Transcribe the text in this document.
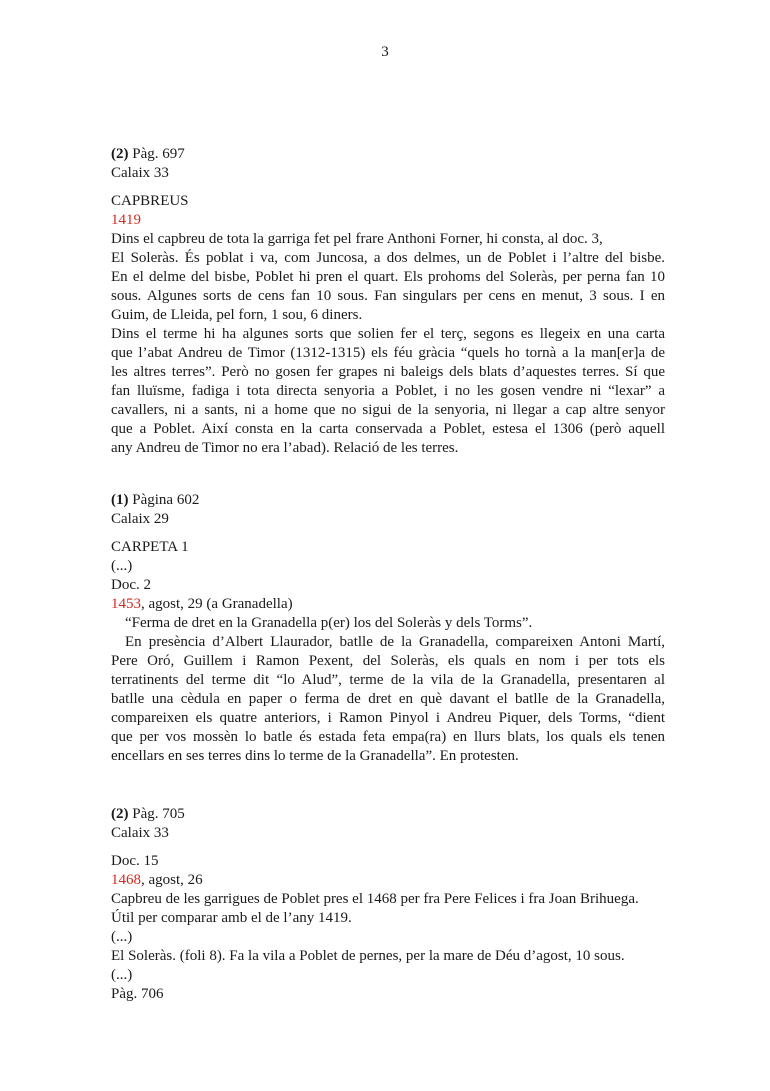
3
(2) Pàg. 697
Calaix 33
CAPBREUS
1419
Dins el capbreu de tota la garriga fet pel frare Anthoni Forner, hi consta, al doc. 3,
El Soleràs. És poblat i va, com Juncosa, a dos delmes, un de Poblet i l’altre del bisbe.
En el delme del bisbe, Poblet hi pren el quart. Els prohoms del Soleràs, per perna fan 10
sous. Algunes sorts de cens fan 10 sous. Fan singulars per cens en menut, 3 sous. I en
Guim, de Lleida, pel forn, 1 sou, 6 diners.
Dins el terme hi ha algunes sorts que solien fer el terç, segons es llegeix en una carta
que l’abat Andreu de Timor (1312-1315) els féu gràcia “quels ho tornà a la man[er]a de
les altres terres”. Però no gosen fer grapes ni baleigs dels blats d’aquestes terres. Sí que
fan lluïsme, fadiga i tota directa senyoria a Poblet, i no les gosen vendre ni “lexar” a
cavallers, ni a sants, ni a home que no sigui de la senyoria, ni llegar a cap altre senyor
que a Poblet. Així consta en la carta conservada a Poblet, estesa el 1306 (però aquell
any Andreu de Timor no era l’abad). Relació de les terres.
(1) Pàgina 602
Calaix 29
CARPETA 1
(...)
Doc. 2
1453, agost, 29 (a Granadella)
“Ferma de dret en la Granadella p(er) los del Soleràs y dels Torms”.
En presència d’Albert Llaurador, batlle de la Granadella, compareixen Antoni Martí,
Pere Oró, Guillem i Ramon Pexent, del Soleràs, els quals en nom i per tots els
terratinents del terme dit “lo Alud”, terme de la vila de la Granadella, presentaren al
batlle una cèdula en paper o ferma de dret en què davant el batlle de la Granadella,
compareixen els quatre anteriors, i Ramon Pinyol i Andreu Piquer, dels Torms, “dient
que per vos mossèn lo batle és estada feta empa(ra) en llurs blats, los quals els tenen
encellars en ses terres dins lo terme de la Granadella”. En protesten.
(2) Pàg. 705
Calaix 33
Doc. 15
1468, agost, 26
Capbreu de les garrigues de Poblet pres el 1468 per fra Pere Felices i fra Joan Brihuega.
Útil per comparar amb el de l’any 1419.
(...)
El Soleràs. (foli 8). Fa la vila a Poblet de pernes, per la mare de Déu d’agost, 10 sous.
(...)
Pàg. 706
